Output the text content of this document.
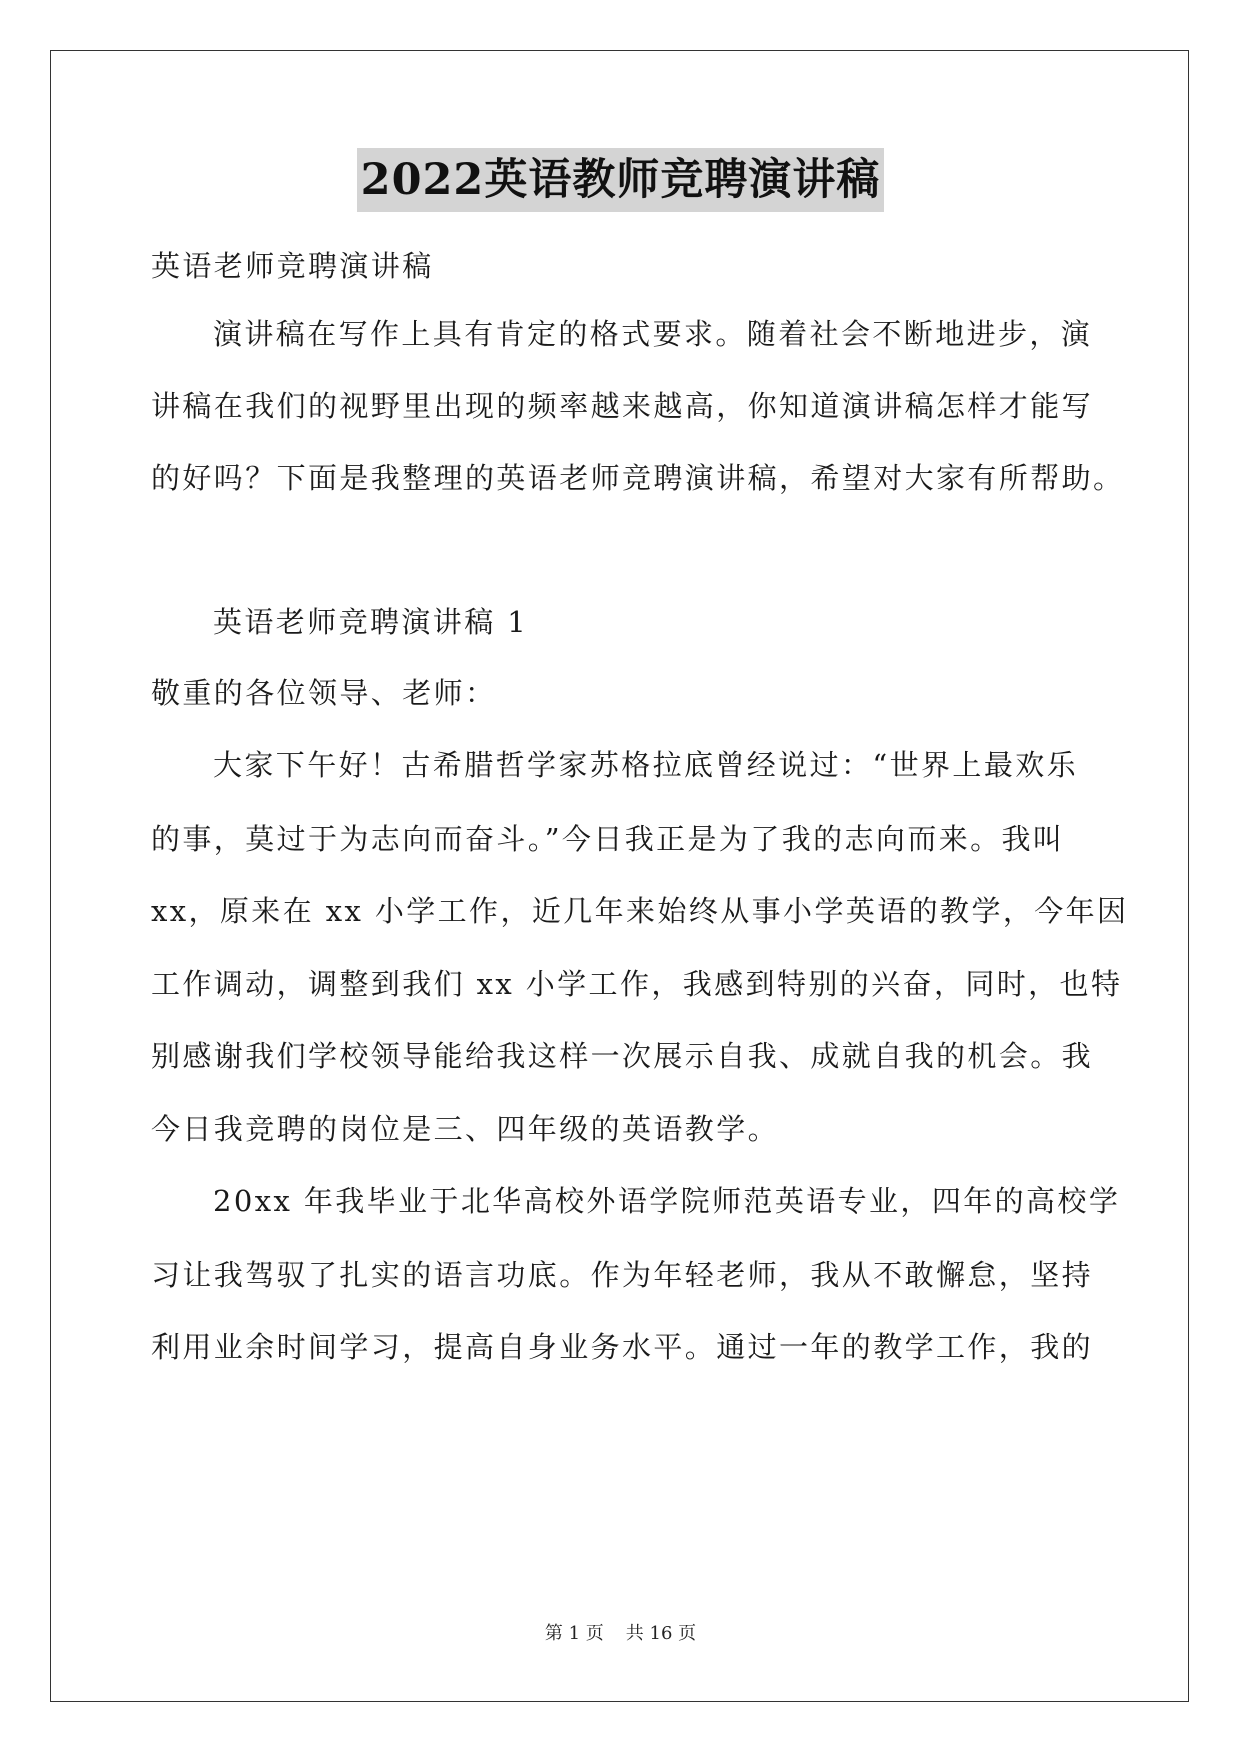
2022英语教师竞聘演讲稿
英语老师竞聘演讲稿
演讲稿在写作上具有肯定的格式要求。随着社会不断地进步，演
讲稿在我们的视野里出现的频率越来越高，你知道演讲稿怎样才能写
的好吗？下面是我整理的英语老师竞聘演讲稿，希望对大家有所帮助。
英语老师竞聘演讲稿 1
敬重的各位领导、老师：
大家下午好！古希腊哲学家苏格拉底曾经说过：“世界上最欢乐
的事，莫过于为志向而奋斗。”今日我正是为了我的志向而来。我叫
xx，原来在 xx 小学工作，近几年来始终从事小学英语的教学，今年因
工作调动，调整到我们 xx 小学工作，我感到特别的兴奋，同时，也特
别感谢我们学校领导能给我这样一次展示自我、成就自我的机会。我
今日我竞聘的岗位是三、四年级的英语教学。
20xx 年我毕业于北华高校外语学院师范英语专业，四年的高校学
习让我驾驭了扎实的语言功底。作为年轻老师，我从不敢懈怠，坚持
利用业余时间学习，提高自身业务水平。通过一年的教学工作，我的
第 1 页 共 16 页
